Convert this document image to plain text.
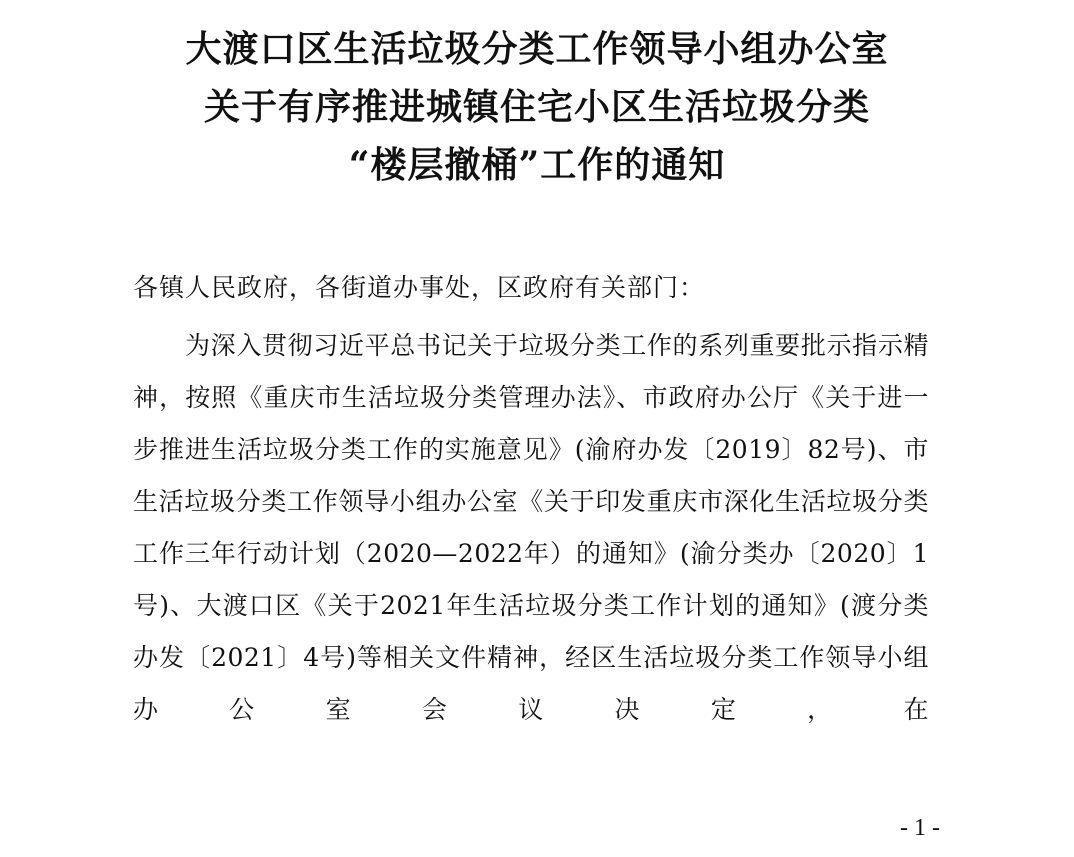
大渡口区生活垃圾分类工作领导小组办公室
关于有序推进城镇住宅小区生活垃圾分类
“楼层撤桶”工作的通知
各镇人民政府，各街道办事处，区政府有关部门：

为深入贯彻习近平总书记关于垃圾分类工作的系列重要批示指示精神，按照《重庆市生活垃圾分类管理办法》、市政府办公厅《关于进一步推进生活垃圾分类工作的实施意见》(渝府办发〔2019〕82号)、市生活垃圾分类工作领导小组办公室《关于印发重庆市深化生活垃圾分类工作三年行动计划（2020—2022年）的通知》(渝分类办〔2020〕1号)、大渡口区《关于2021年生活垃圾分类工作计划的通知》(渡分类办发〔2021〕4号)等相关文件精神，经区生活垃圾分类工作领导小组办公室会议决定，在

- 1 -
